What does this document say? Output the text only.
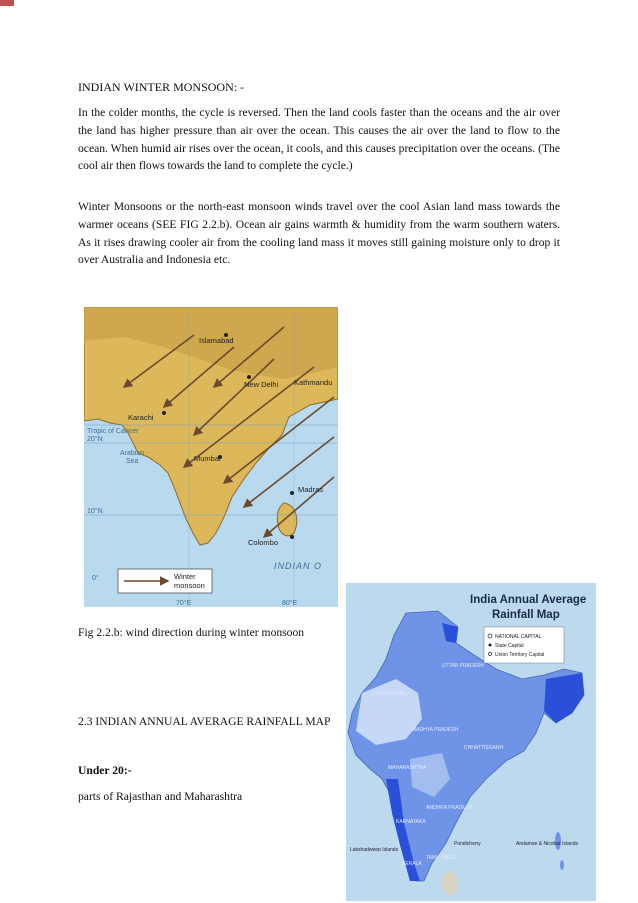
INDIAN WINTER MONSOON: -

In the colder months, the cycle is reversed. Then the land cools faster than the oceans and the air over the land has higher pressure than air over the ocean. This causes the air over the land to flow to the ocean. When humid air rises over the ocean, it cools, and this causes precipitation over the oceans. (The cool air then flows towards the land to complete the cycle.)

Winter Monsoons or the north-east monsoon winds travel over the cool Asian land mass towards the warmer oceans (SEE FIG 2.2.b). Ocean air gains warmth & humidity from the warm southern waters. As it rises drawing cooler air from the cooling land mass it moves still gaining moisture only to drop it over Australia and Indonesia etc.

Islamabad
New Delhi Kathmandu
Karachi
Mumbai
Madras
Colombo
Tropic of Cancer
20°N
10°N
0°
Arabian
Sea
70°E	80°E
INDIAN O
Winter
monsoon
Fig 2.2.b: wind direction during winter monsoon
2.3 INDIAN ANNUAL AVERAGE RAINFALL MAP
Under 20:-
parts of Rajasthan and Maharashtra
India Annual Average
Rainfall Map
NATIONAL CAPITAL
State Capital
Union Territory Capital
RAJASTHAN
UTTAR PRADESH
MADHYA PRADESH
MAHARASHTRA
CHHATTISGARH
ANDHRA PRADESH
KARNATAKA
TAMIL NADU
KERALA
Lakshadweep Islands
Andaman & Nicobar Islands
Pondicherry
